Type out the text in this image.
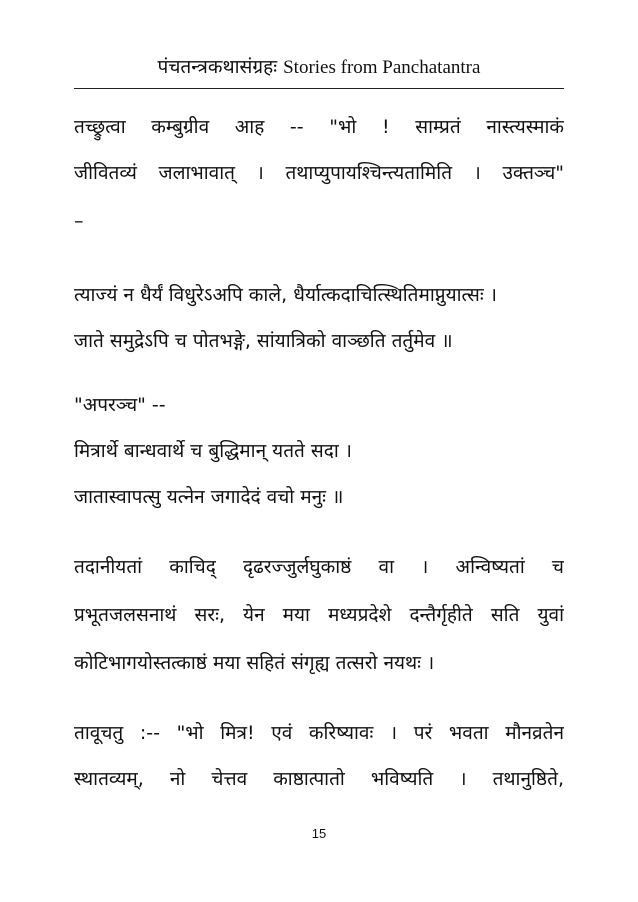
पंचतन्त्रकथासंग्रहः Stories from Panchatantra
तच्छ्रुत्वा कम्बुग्रीव आह -- "भो ! साम्प्रतं नास्त्यस्माकं
जीवितव्यं जलाभावात् । तथाप्युपायश्चिन्त्यतामिति । उक्तञ्च"
–
त्याज्यं न धैर्यं विधुरेऽअपि काले, धैर्यात्कदाचित्स्थितिमाप्नुयात्सः ।
जाते समुद्रेऽपि च पोतभङ्गे, सांयात्रिको वाञ्छति तर्तुमेव ॥
"अपरञ्च" --
मित्रार्थे बान्धवार्थे च बुद्धिमान् यतते सदा ।
जातास्वापत्सु यत्नेन जगादेदं वचो मनुः ॥
तदानीयतां काचिद् दृढरज्जुर्लघुकाष्ठं वा । अन्विष्यतां च
प्रभूतजलसनाथं सरः, येन मया मध्यप्रदेशे दन्तैर्गृहीते सति युवां
कोटिभागयोस्तत्काष्ठं मया सहितं संगृह्य तत्सरो नयथः ।
तावूचतु :-- "भो मित्र! एवं करिष्यावः । परं भवता मौनव्रतेन
स्थातव्यम्, नो चेत्तव काष्ठात्पातो भविष्यति । तथानुष्ठिते,
15
